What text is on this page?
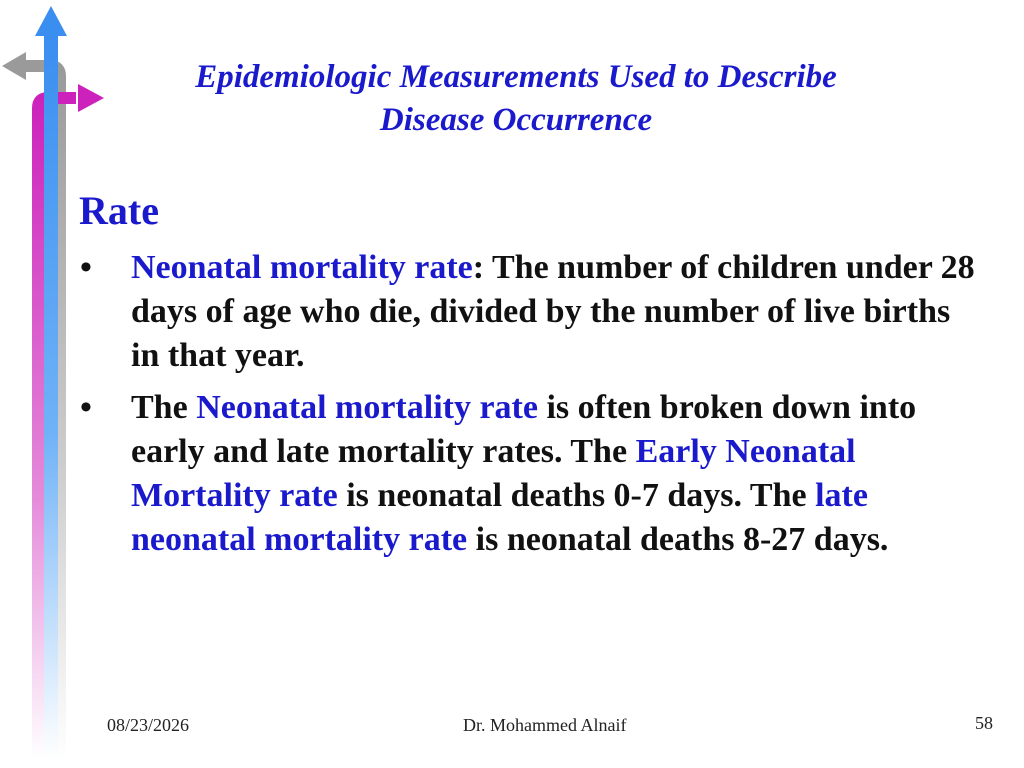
Epidemiologic Measurements Used to Describe
Disease Occurrence
Rate
• Neonatal mortality rate: The number of children under 28 days of age who die, divided by the number of live births in that year.
• The Neonatal mortality rate is often broken down into early and late mortality rates. The Early Neonatal Mortality rate is neonatal deaths 0-7 days. The late neonatal mortality rate is neonatal deaths 8-27 days.
08/23/2026	Dr. Mohammed Alnaif	58
